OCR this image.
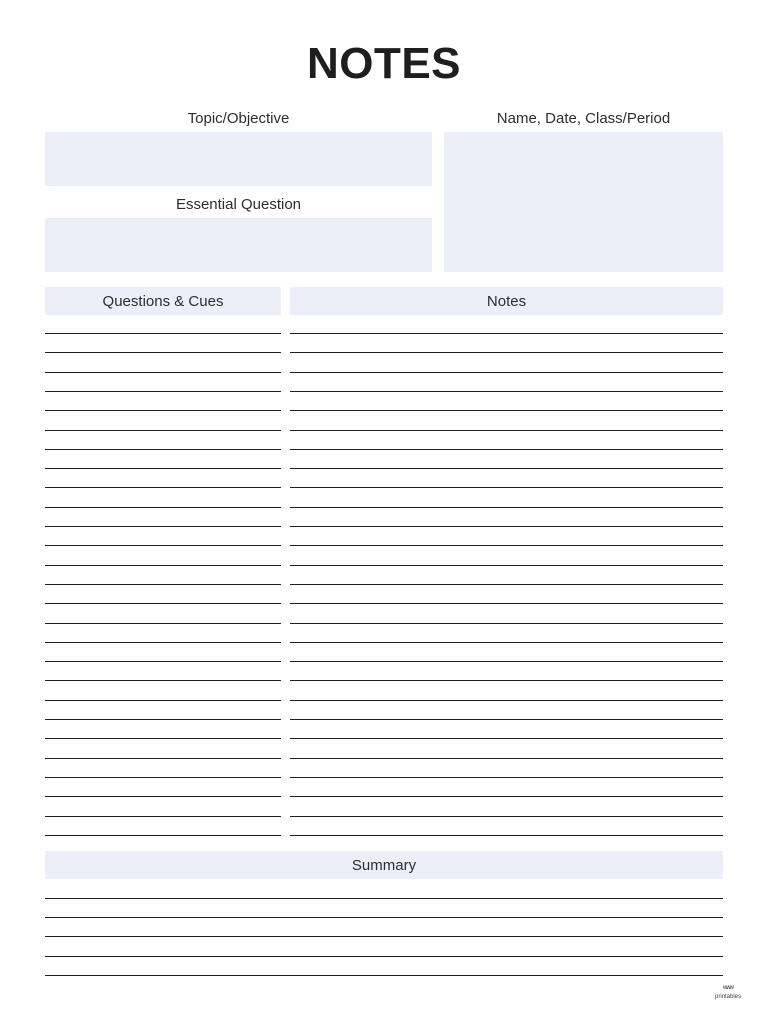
NOTES
Topic/Objective	Name, Date, Class/Period
Essential Question
Questions & Cues	Notes
Summary
ʷʷʷ
printables
